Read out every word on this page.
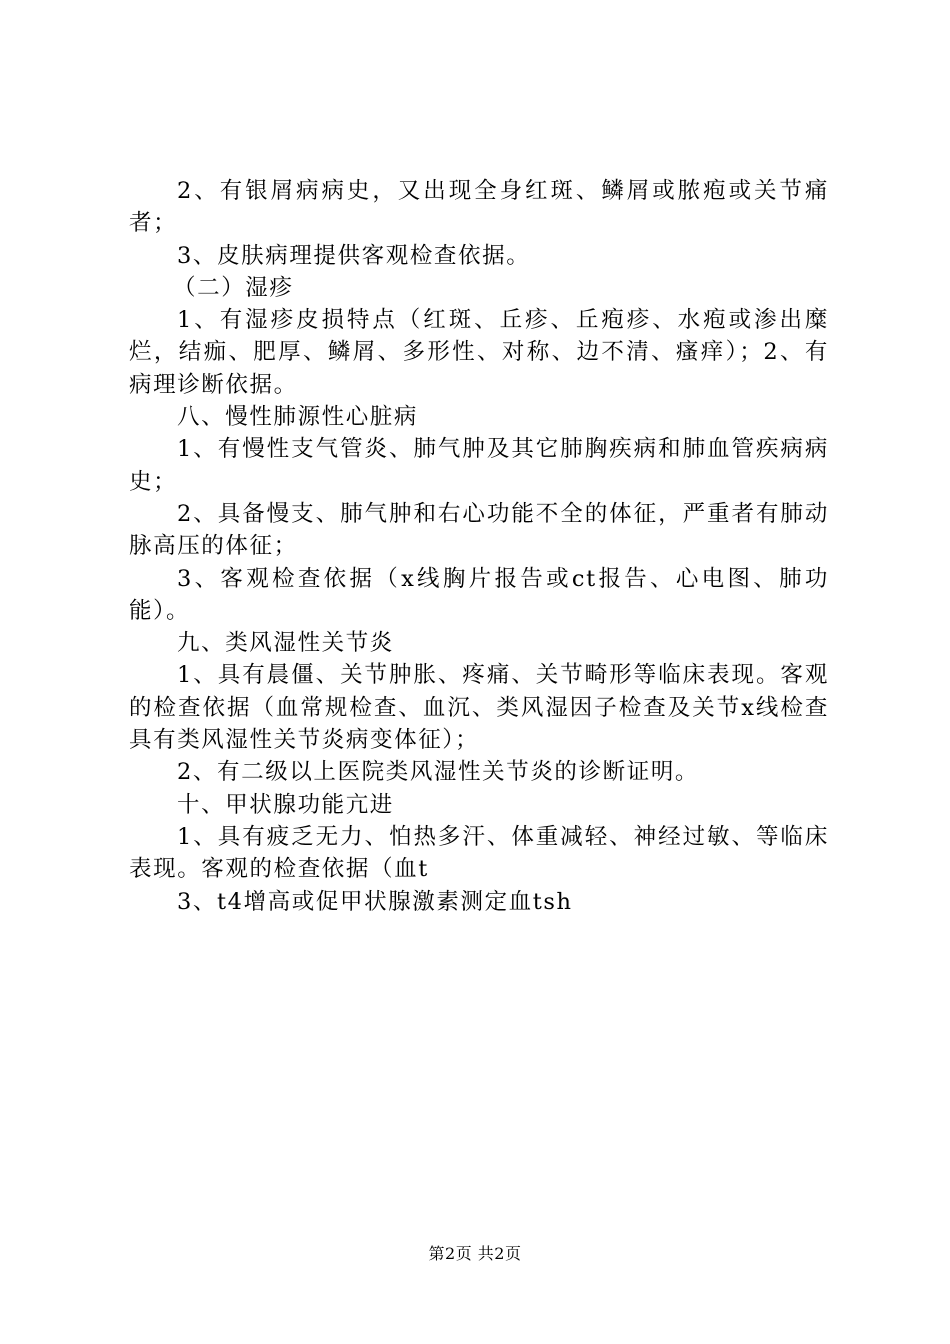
2、有银屑病病史，又出现全身红斑、鳞屑或脓疱或关节痛者；

3、皮肤病理提供客观检查依据。

（二）湿疹

1、有湿疹皮损特点（红斑、丘疹、丘疱疹、水疱或渗出糜烂，结痂、肥厚、鳞屑、多形性、对称、边不清、瘙痒）；2、有病理诊断依据。

八、慢性肺源性心脏病

1、有慢性支气管炎、肺气肿及其它肺胸疾病和肺血管疾病病史；

2、具备慢支、肺气肿和右心功能不全的体征，严重者有肺动脉高压的体征；

3、客观检查依据（x线胸片报告或ct报告、心电图、肺功能）。

九、类风湿性关节炎

1、具有晨僵、关节肿胀、疼痛、关节畸形等临床表现。客观的检查依据（血常规检查、血沉、类风湿因子检查及关节x线检查具有类风湿性关节炎病变体征）；

2、有二级以上医院类风湿性关节炎的诊断证明。

十、甲状腺功能亢进

1、具有疲乏无力、怕热多汗、体重减轻、神经过敏、等临床表现。客观的检查依据（血t

3、t4增高或促甲状腺激素测定血tsh

第2页 共2页
